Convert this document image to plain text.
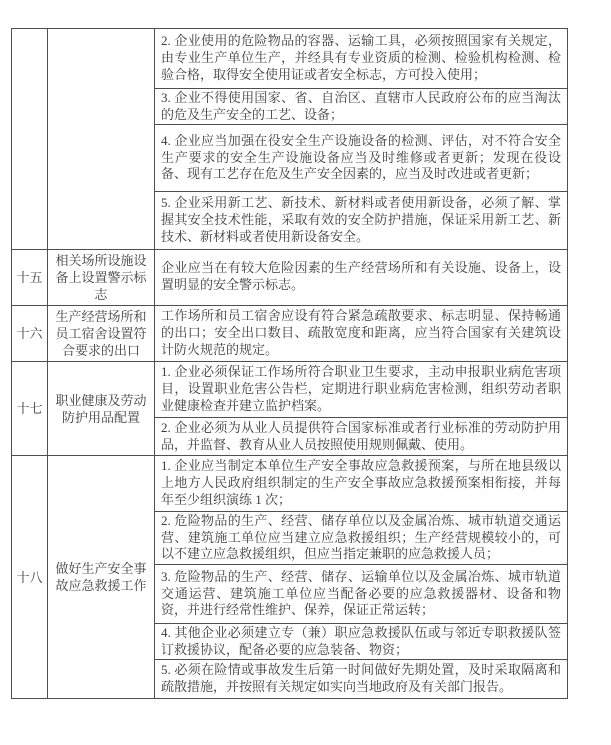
2. 企业使用的危险物品的容器、运输工具，必须按照国家有关规定，由专业生产单位生产，并经具有专业资质的检测、检验机构检测、检验合格，取得安全使用证或者安全标志，方可投入使用；
3. 企业不得使用国家、省、自治区、直辖市人民政府公布的应当淘汰的危及生产安全的工艺、设备；
4. 企业应当加强在役安全生产设施设备的检测、评估，对不符合安全生产要求的安全生产设施设备应当及时维修或者更新；发现在役设备、现有工艺存在危及生产安全因素的，应当及时改进或者更新；
5. 企业采用新工艺、新技术、新材料或者使用新设备，必须了解、掌握其安全技术性能，采取有效的安全防护措施，保证采用新工艺、新技术、新材料或者使用新设备安全。
十五
相关场所设施设备上设置警示标志
企业应当在有较大危险因素的生产经营场所和有关设施、设备上，设置明显的安全警示标志。
十六
生产经营场所和员工宿舍设置符合要求的出口
工作场所和员工宿舍应设有符合紧急疏散要求、标志明显、保持畅通的出口；安全出口数目、疏散宽度和距离，应当符合国家有关建筑设计防火规范的规定。
十七
职业健康及劳动防护用品配置
1. 企业必须保证工作场所符合职业卫生要求，主动申报职业病危害项目，设置职业危害公告栏，定期进行职业病危害检测，组织劳动者职业健康检查并建立监护档案。
2. 企业必须为从业人员提供符合国家标准或者行业标准的劳动防护用品，并监督、教育从业人员按照使用规则佩戴、使用。
十八
做好生产安全事故应急救援工作
1. 企业应当制定本单位生产安全事故应急救援预案，与所在地县级以上地方人民政府组织制定的生产安全事故应急救援预案相衔接，并每年至少组织演练 1 次；
2. 危险物品的生产、经营、储存单位以及金属冶炼、城市轨道交通运营、建筑施工单位应当建立应急救援组织；生产经营规模较小的，可以不建立应急救援组织，但应当指定兼职的应急救援人员；
3. 危险物品的生产、经营、储存、运输单位以及金属冶炼、城市轨道交通运营、建筑施工单位应当配备必要的应急救援器材、设备和物资，并进行经常性维护、保养，保证正常运转；
4. 其他企业必须建立专（兼）职应急救援队伍或与邻近专职救援队签订救援协议，配备必要的应急装备、物资；
5. 必须在险情或事故发生后第一时间做好先期处置，及时采取隔离和疏散措施，并按照有关规定如实向当地政府及有关部门报告。
